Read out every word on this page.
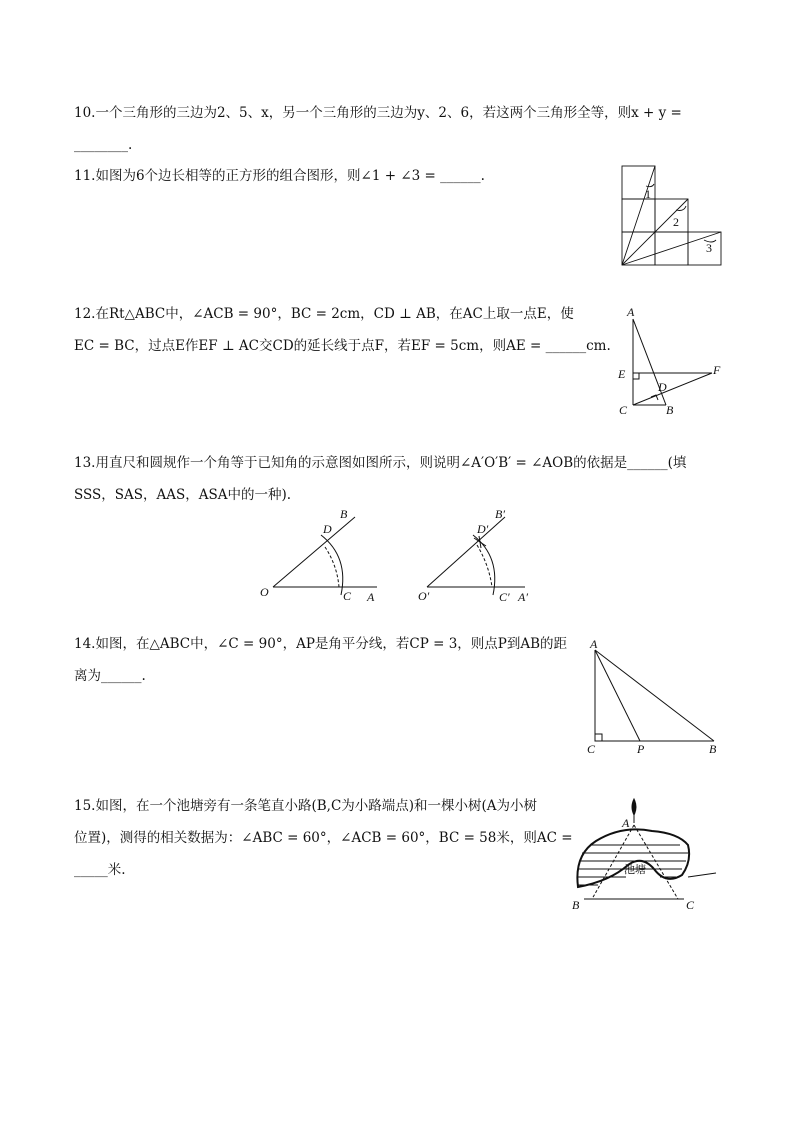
10.一个三角形的三边为2、5、x，另一个三角形的三边为y、2、6，若这两个三角形全等，则x + y =
________.
11.如图为6个边长相等的正方形的组合图形，则∠1 + ∠3 = ______.
1
2
3
12.在Rt△ABC中，∠ACB = 90°，BC = 2cm，CD ⊥ AB，在AC上取一点E，使
EC = BC，过点E作EF ⊥ AC交CD的延长线于点F，若EF = 5cm，则AE = ______cm.
A
E
D
F
C	B
13.用直尺和圆规作一个角等于已知角的示意图如图所示，则说明∠A′O′B′ = ∠AOB的依据是______(填
SSS，SAS，AAS，ASA中的一种).
B
D
O	C A
B′
D′
O′	C′ A′
14.如图，在△ABC中，∠C = 90°，AP是角平分线，若CP = 3，则点P到AB的距
离为______.
A
C	P	B
15.如图，在一个池塘旁有一条笔直小路(B,C为小路端点)和一棵小树(A为小树
位置)，测得的相关数据为：∠ABC = 60°，∠ACB = 60°，BC = 58米，则AC =
_____米.
A
池塘
B	C
